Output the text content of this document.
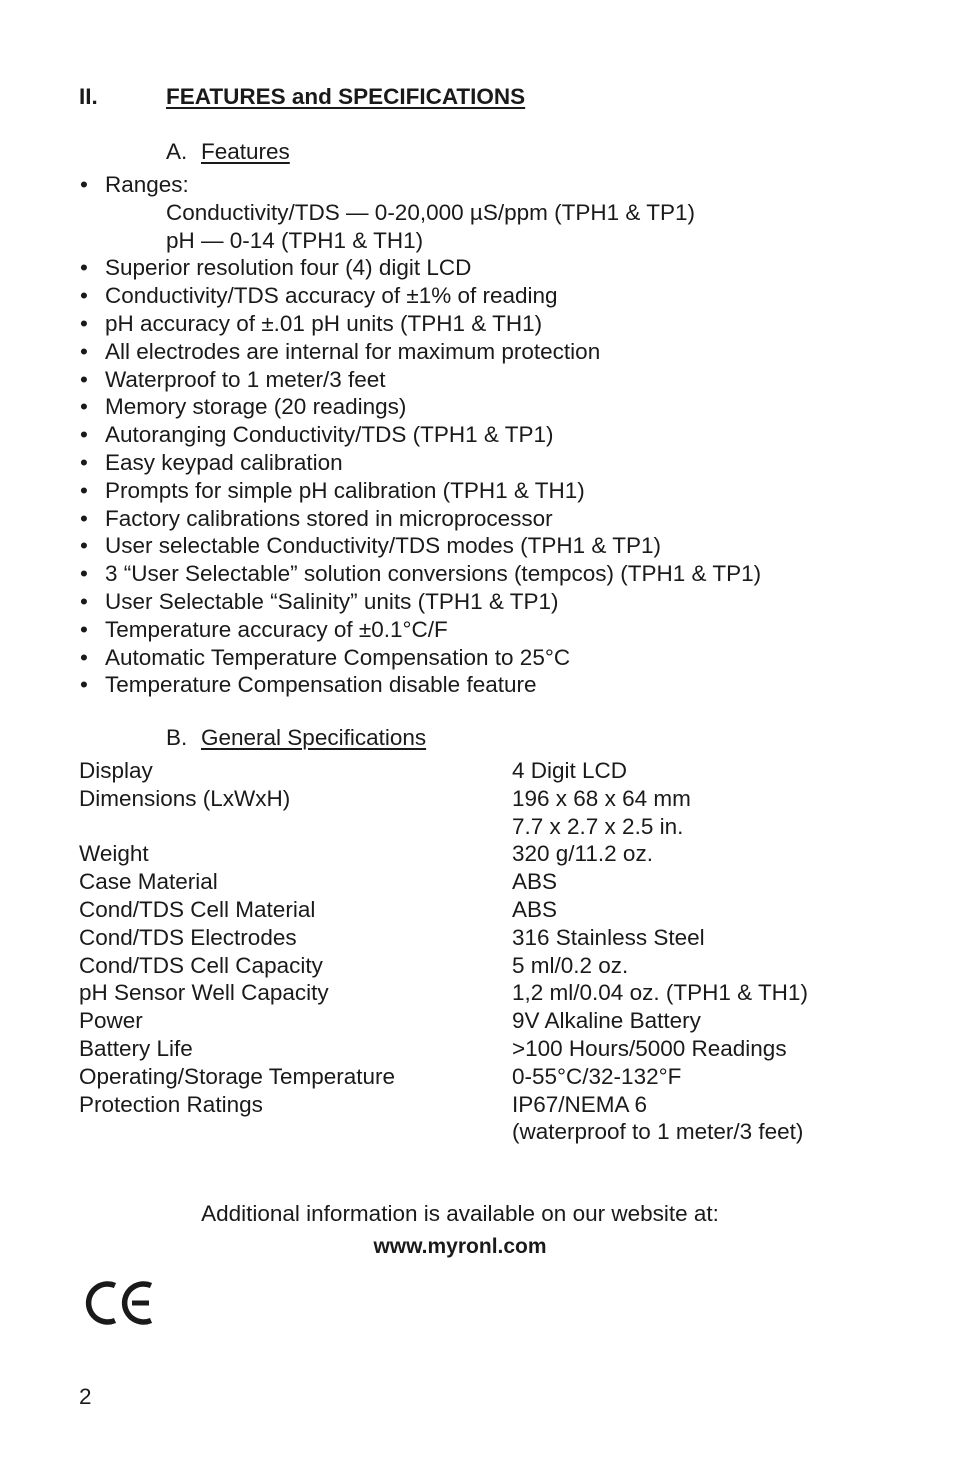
II.	FEATURES and SPECIFICATIONS
A. Features
• Ranges:
Conductivity/TDS — 0-20,000 µS/ppm (TPH1 & TP1)
pH — 0-14 (TPH1 & TH1)
• Superior resolution four (4) digit LCD
• Conductivity/TDS accuracy of ±1% of reading
• pH accuracy of ±.01 pH units (TPH1 & TH1)
• All electrodes are internal for maximum protection
• Waterproof to 1 meter/3 feet
• Memory storage (20 readings)
• Autoranging Conductivity/TDS (TPH1 & TP1)
• Easy keypad calibration
• Prompts for simple pH calibration (TPH1 & TH1)
• Factory calibrations stored in microprocessor
• User selectable Conductivity/TDS modes (TPH1 & TP1)
• 3 “User Selectable” solution conversions (tempcos) (TPH1 & TP1)
• User Selectable “Salinity” units (TPH1 & TP1)
• Temperature accuracy of ±0.1°C/F
• Automatic Temperature Compensation to 25°C
• Temperature Compensation disable feature
B. General Specifications
Display	4 Digit LCD
Dimensions (LxWxH)	196 x 68 x 64 mm
7.7 x 2.7 x 2.5 in.
Weight	320 g/11.2 oz.
Case Material	ABS
Cond/TDS Cell Material	ABS
Cond/TDS Electrodes	316 Stainless Steel
Cond/TDS Cell Capacity	5 ml/0.2 oz.
pH Sensor Well Capacity	1,2 ml/0.04 oz. (TPH1 & TH1)
Power	9V Alkaline Battery
Battery Life	>100 Hours/5000 Readings
Operating/Storage Temperature	0-55°C/32-132°F
Protection Ratings	IP67/NEMA 6
(waterproof to 1 meter/3 feet)
Additional information is available on our website at:
www.myronl.com
2
